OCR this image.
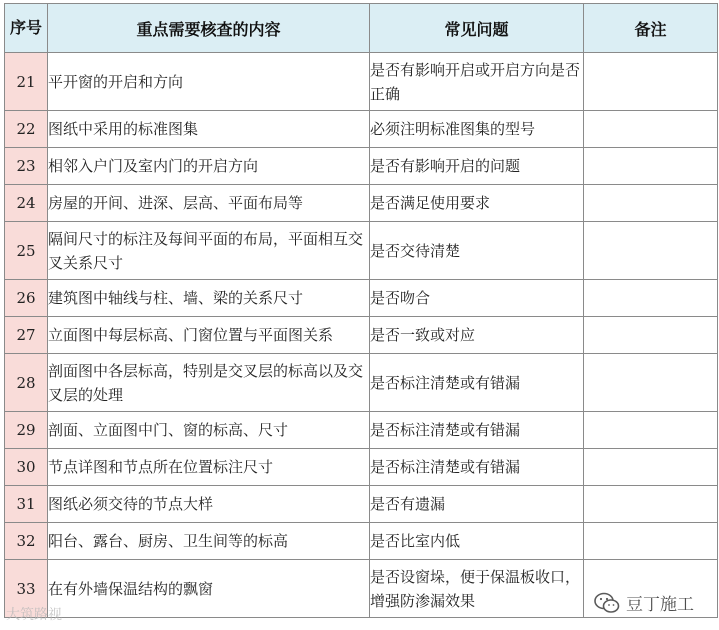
序号	重点需要核查的内容	常见问题	备注
21	平开窗的开启和方向	是否有影响开启或开启方向是否正确	
22	图纸中采用的标准图集	必须注明标准图集的型号	
23	相邻入户门及室内门的开启方向	是否有影响开启的问题	
24	房屋的开间、进深、层高、平面布局等	是否满足使用要求	
25	隔间尺寸的标注及每间平面的布局，平面相互交叉关系尺寸	是否交待清楚	
26	建筑图中轴线与柱、墙、梁的关系尺寸	是否吻合	
27	立面图中每层标高、门窗位置与平面图关系	是否一致或对应	
28	剖面图中各层标高，特别是交叉层的标高以及交叉层的处理	是否标注清楚或有错漏	
29	剖面、立面图中门、窗的标高、尺寸	是否标注清楚或有错漏	
30	节点详图和节点所在位置标注尺寸	是否标注清楚或有错漏	
31	图纸必须交待的节点大样	是否有遗漏	
32	阳台、露台、厨房、卫生间等的标高	是否比室内低	
33	在有外墙保温结构的飘窗	是否设窗垛，便于保温板收口，增强防渗漏效果	
大筑路视	豆丁施工
